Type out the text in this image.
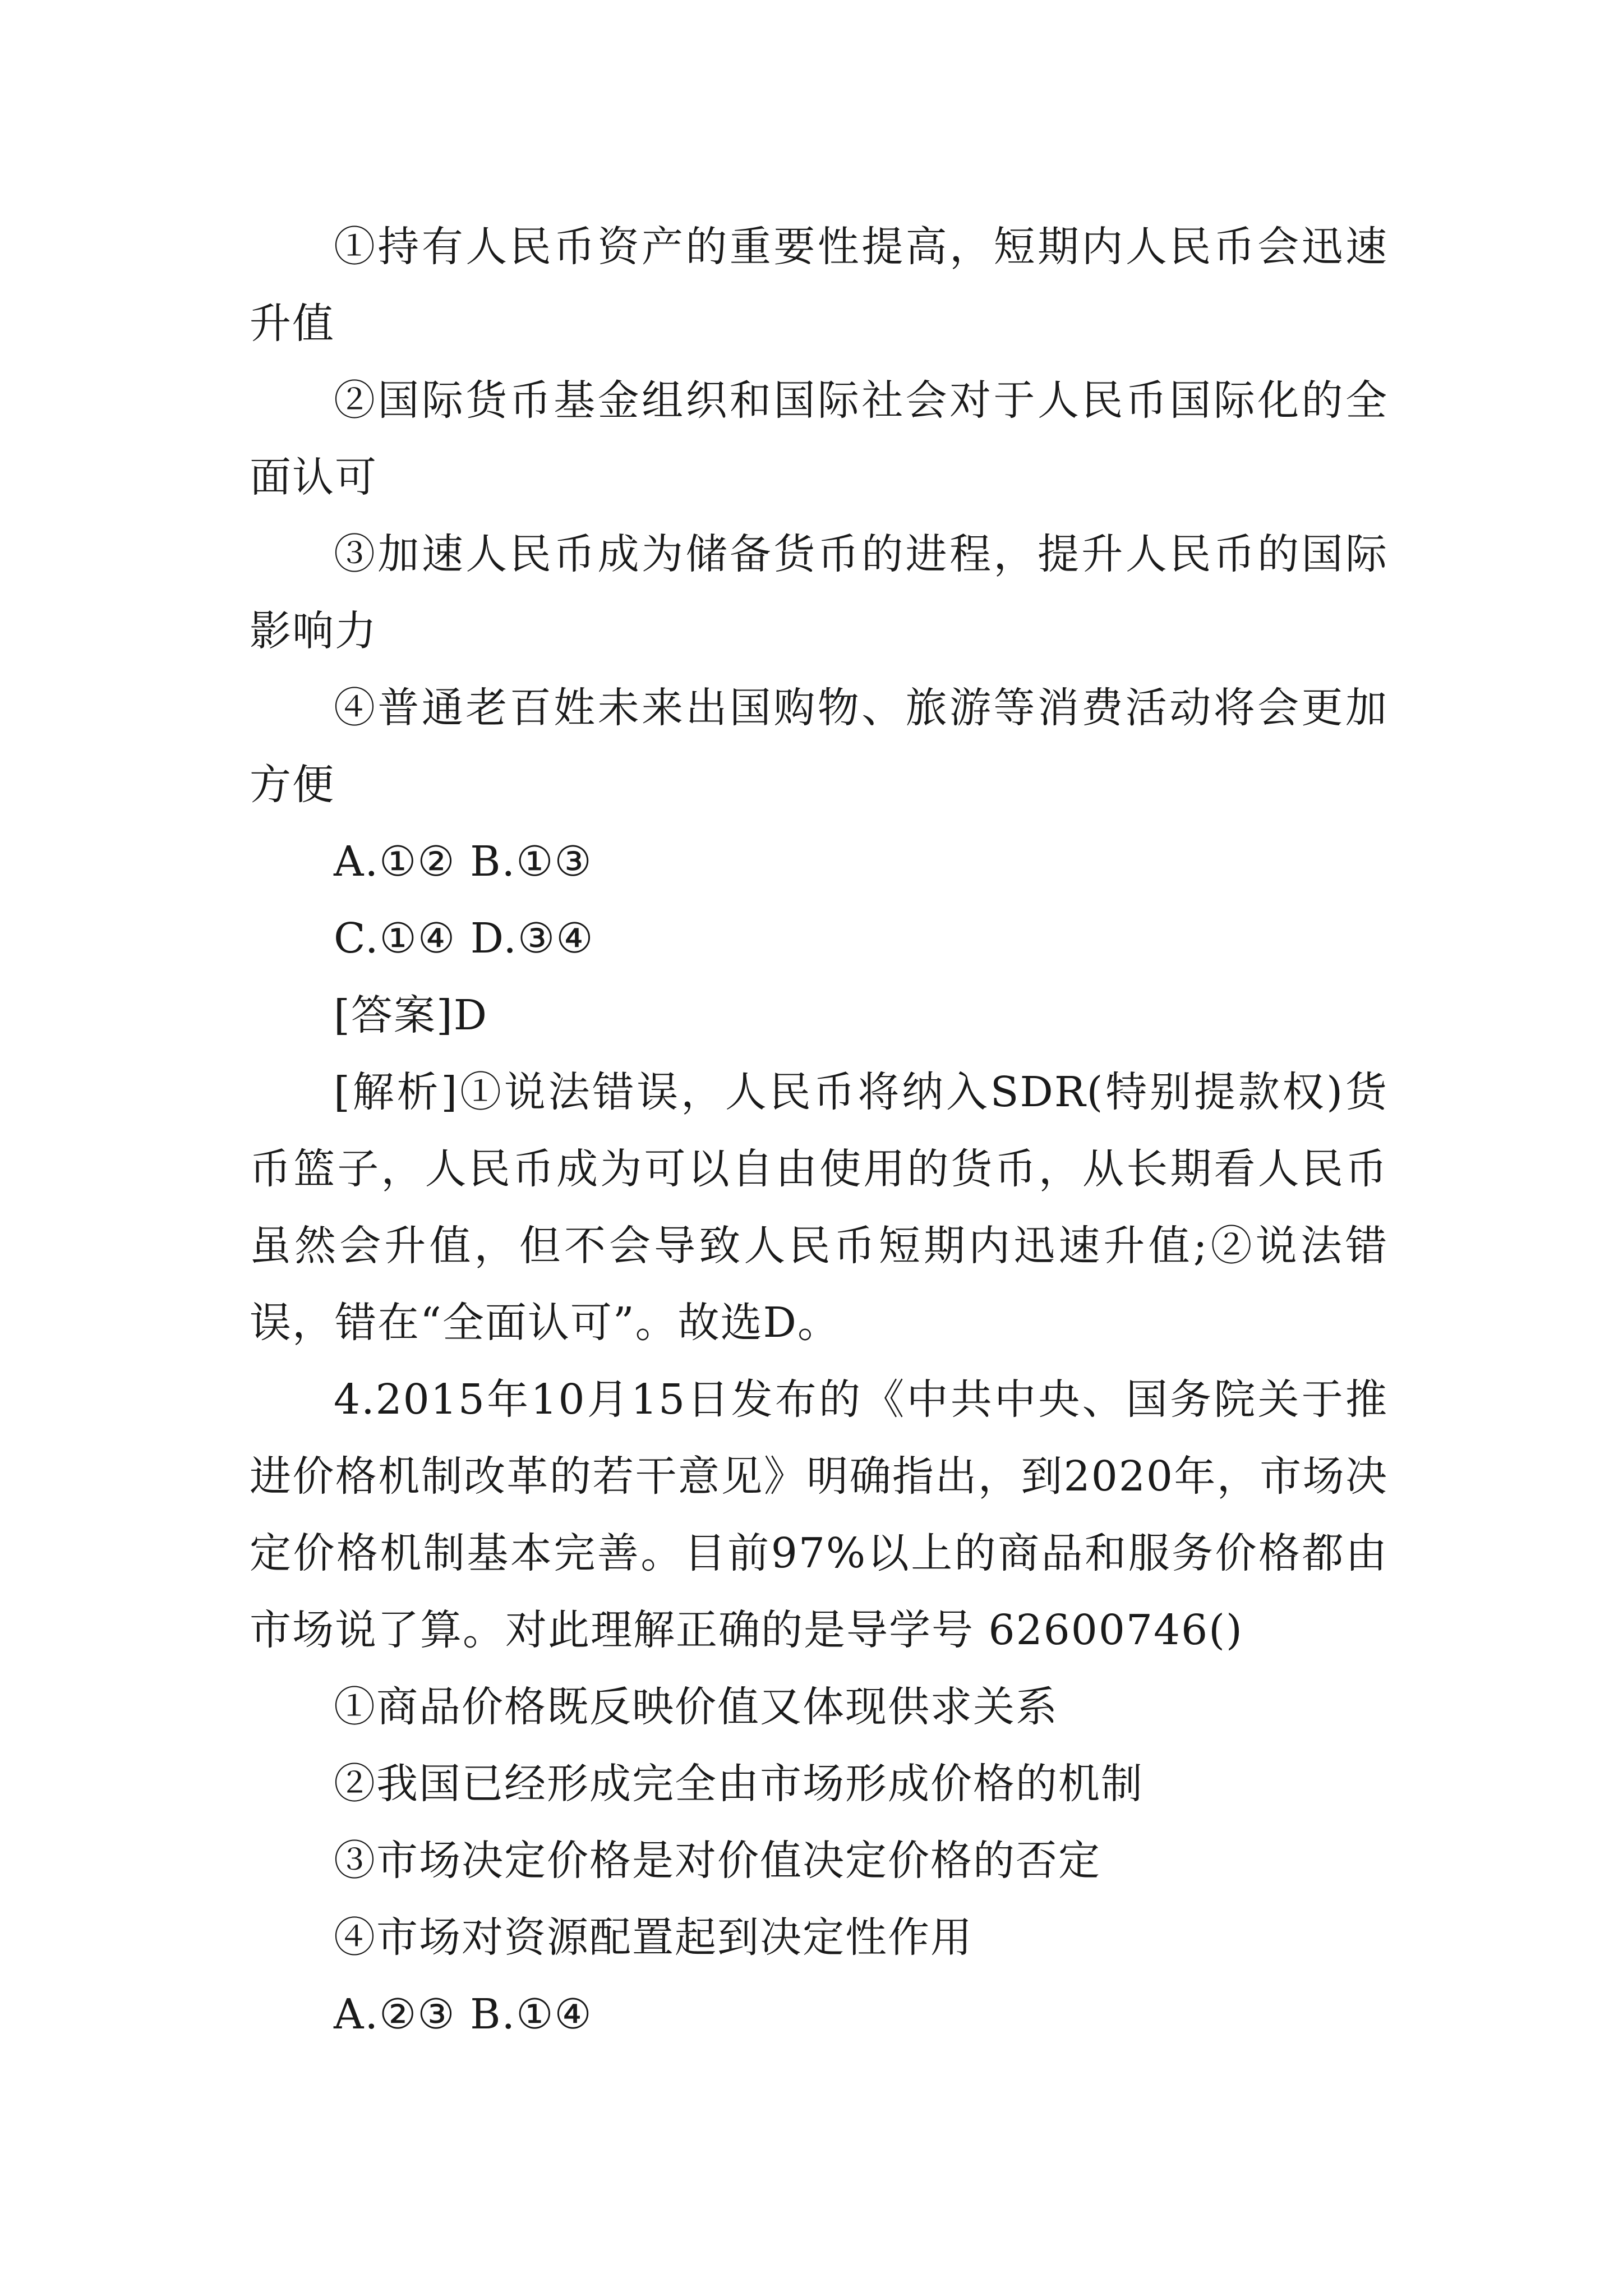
①持有人民币资产的重要性提高，短期内人民币会迅速升值

②国际货币基金组织和国际社会对于人民币国际化的全面认可

③加速人民币成为储备货币的进程，提升人民币的国际影响力

④普通老百姓未来出国购物、旅游等消费活动将会更加方便

A.①② B.①③

C.①④ D.③④

[答案]D

[解析]①说法错误，人民币将纳入SDR(特别提款权)货币篮子，人民币成为可以自由使用的货币，从长期看人民币虽然会升值，但不会导致人民币短期内迅速升值;②说法错误，错在“全面认可”。故选D。

4.2015年10月15日发布的《中共中央、国务院关于推进价格机制改革的若干意见》明确指出，到2020年，市场决定价格机制基本完善。目前97%以上的商品和服务价格都由市场说了算。对此理解正确的是导学号 62600746()

①商品价格既反映价值又体现供求关系

②我国已经形成完全由市场形成价格的机制

③市场决定价格是对价值决定价格的否定

④市场对资源配置起到决定性作用

A.②③ B.①④
